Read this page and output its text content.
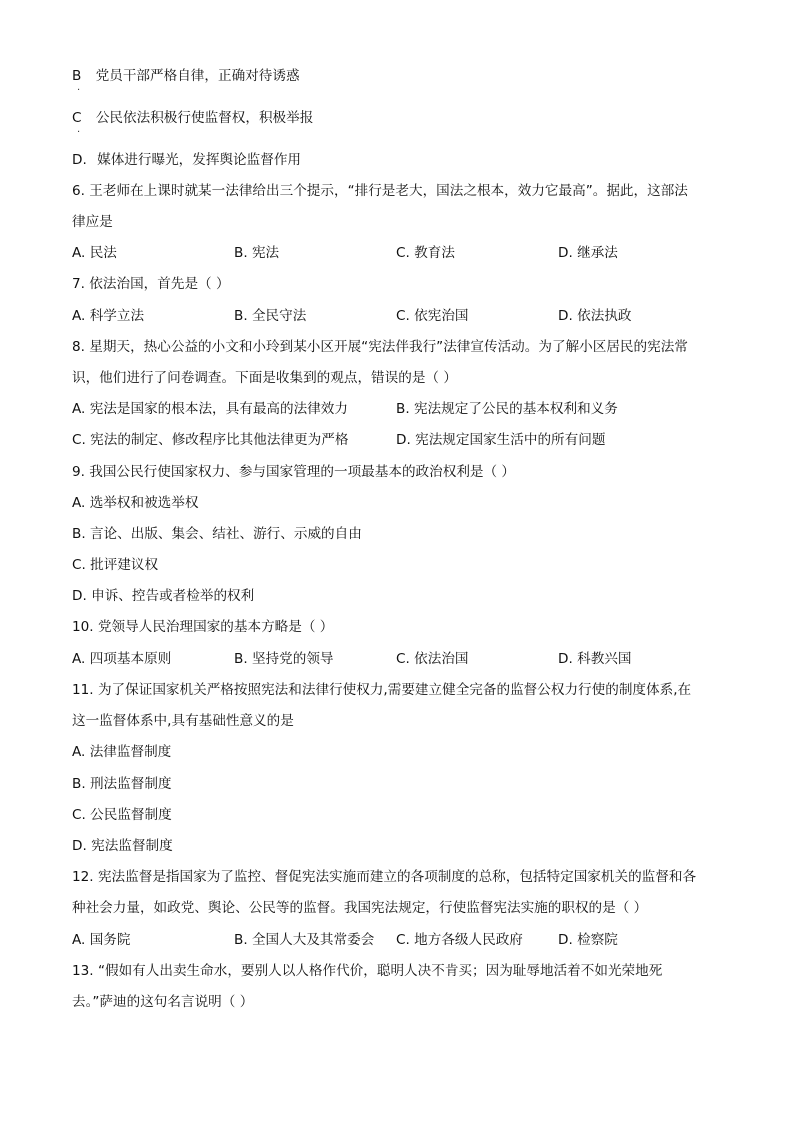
B 党员干部严格自律，正确对待诱惑
·
C 公民依法积极行使监督权，积极举报
·
D. 媒体进行曝光，发挥舆论监督作用
6. 王老师在上课时就某一法律给出三个提示，“排行是老大，国法之根本，效力它最高”。据此，这部法
律应是
A. 民法	B. 宪法	C. 教育法	D. 继承法
7. 依法治国，首先是（ ）
A. 科学立法	B. 全民守法	C. 依宪治国	D. 依法执政
8. 星期天，热心公益的小文和小玲到某小区开展“宪法伴我行”法律宣传活动。为了解小区居民的宪法常
识，他们进行了问卷调查。下面是收集到的观点，错误的是（ ）
A. 宪法是国家的根本法，具有最高的法律效力	B. 宪法规定了公民的基本权利和义务
C. 宪法的制定、修改程序比其他法律更为严格	D. 宪法规定国家生活中的所有问题
9. 我国公民行使国家权力、参与国家管理的一项最基本的政治权利是（ ）
A. 选举权和被选举权
B. 言论、出版、集会、结社、游行、示威的自由
C. 批评建议权
D. 申诉、控告或者检举的权利
10. 党领导人民治理国家的基本方略是（ ）
A. 四项基本原则	B. 坚持党的领导	C. 依法治国	D. 科教兴国
11. 为了保证国家机关严格按照宪法和法律行使权力,需要建立健全完备的监督公权力行使的制度体系,在
这一监督体系中,具有基础性意义的是
A. 法律监督制度
B. 刑法监督制度
C. 公民监督制度
D. 宪法监督制度
12. 宪法监督是指国家为了监控、督促宪法实施而建立的各项制度的总称，包括特定国家机关的监督和各
种社会力量，如政党、舆论、公民等的监督。我国宪法规定，行使监督宪法实施的职权的是（ ）
A. 国务院	B. 全国人大及其常委会 C. 地方各级人民政府	D. 检察院
13. “假如有人出卖生命水，要别人以人格作代价，聪明人决不肯买；因为耻辱地活着不如光荣地死
去。”萨迪的这句名言说明（ ）
